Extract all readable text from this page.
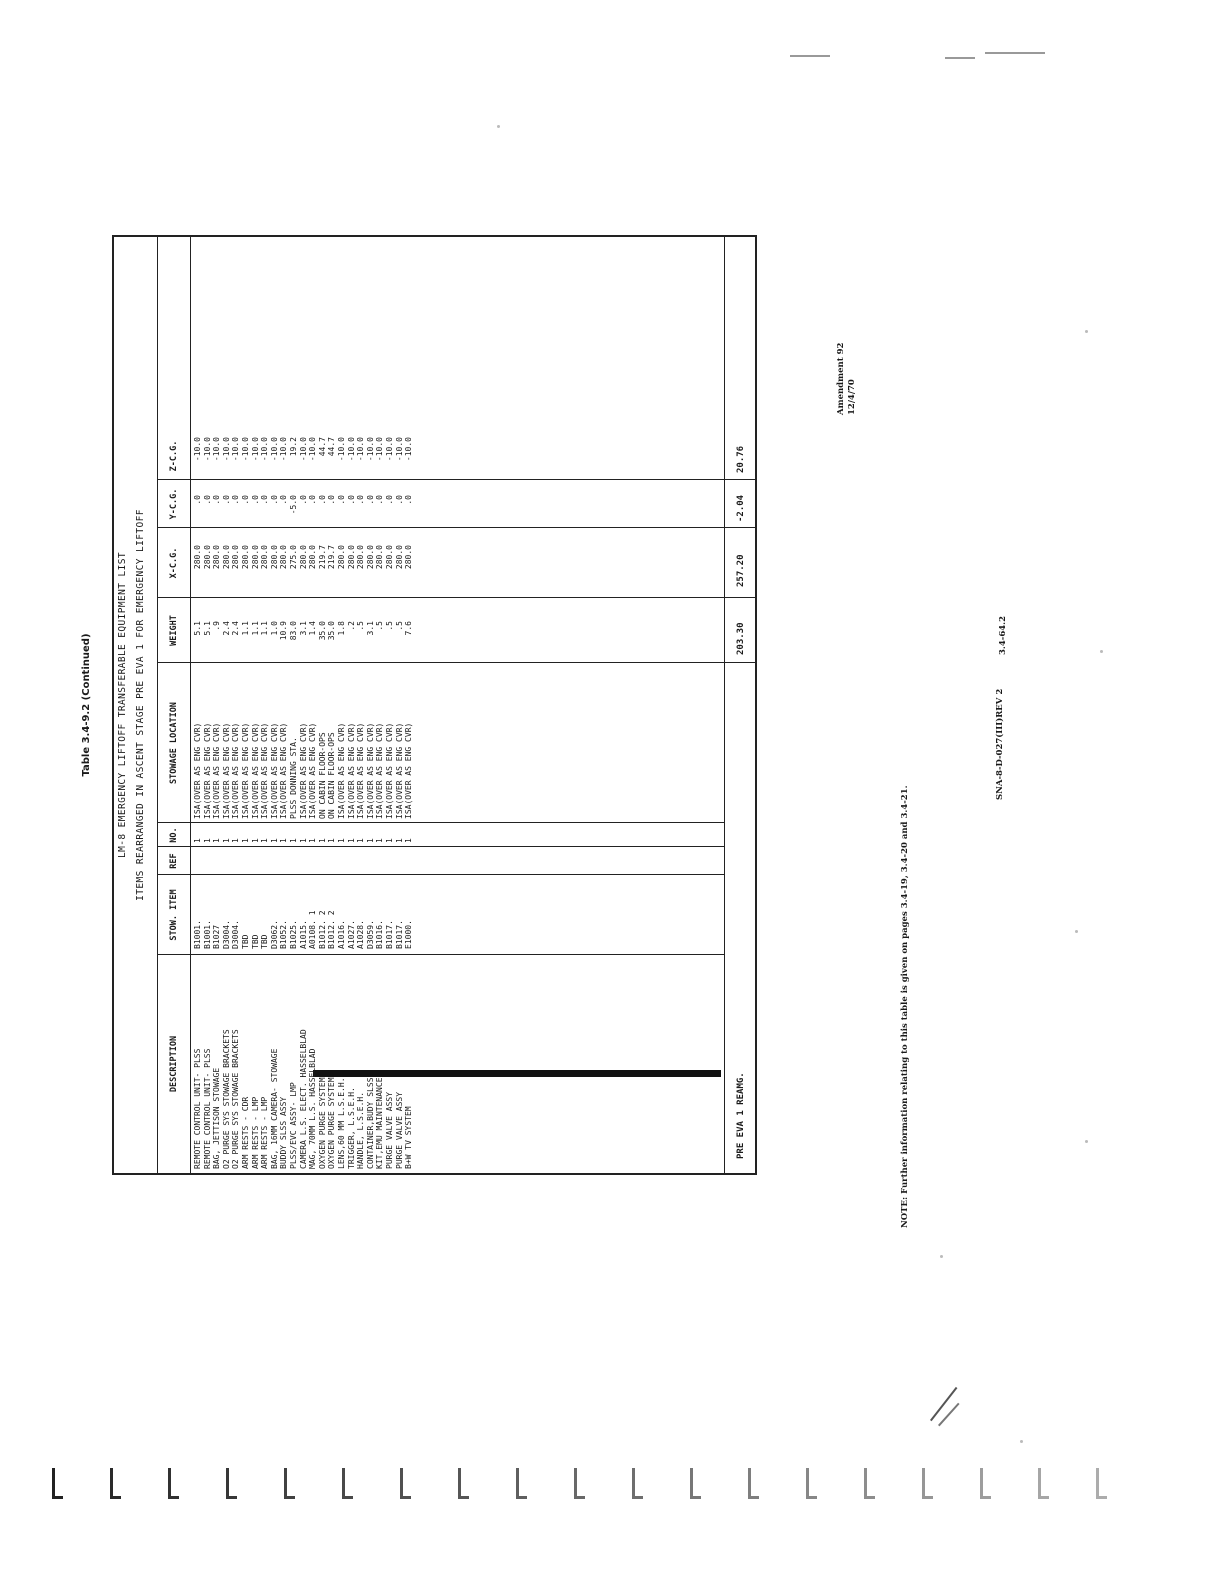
Amendment 92 12/4/70
SNA-8-D-027(III)REV 2
3.4-64.2
NOTE: Further information relating to this table is given on pages 3.4-19, 3.4-20 and 3.4-21.
Table 3.4-9.2 (Continued)	LM-8 EMERGENCY LIFTOFF TRANSFERABLE EQUIPMENT LIST ITEMS REARRANGED IN ASCENT STAGE PRE EVA 1 FOR EMERGENCY LIFTOFF
DESCRIPTION
STOW. ITEM
REF
NO.
STOWAGE LOCATION
WEIGHT
X-C.G.
Y-C.G.
Z-C.G.
REMOTE CONTROL UNIT- PLSS
B1001.
1
ISA(OVER AS ENG CVR)
5.1
280.0
.0
-10.0
REMOTE CONTROL UNIT- PLSS
B1001.
1
ISA(OVER AS ENG CVR)
5.1
280.0
.0
-10.0
BAG, JETTISON STOWAGE
B1027
1
ISA(OVER AS ENG CVR)
.9
280.0
.0
-10.0
O2 PURGE SYS STOWAGE BRACKETS
D3004.
1
ISA(OVER AS ENG CVR)
2.4
280.0
.0
-10.0
O2 PURGE SYS STOWAGE BRACKETS
D3004.
1
ISA(OVER AS ENG CVR)
2.4
280.0
.0
-10.0
ARM RESTS - CDR
TBD
1
ISA(OVER AS ENG CVR)
1.1
280.0
.0
-10.0
ARM RESTS - LMP
TBD
1
ISA(OVER AS ENG CVR)
1.1
280.0
.0
-10.0
ARM RESTS - LMP
TBD
1
ISA(OVER AS ENG CVR)
1.1
280.0
.0
-10.0
BAG, 16MM CAMERA- STOWAGE
D3062.
1
ISA(OVER AS ENG CVR)
1.0
280.0
.0
-10.0
BUDDY SLSS ASSY
B1052.
1
ISA(OVER AS ENG CVR)
10.9
280.0
.0
-10.0
PLSS/EVC ASSY- LMP
B1025.
1
PLSS DONNING STA.
83.0
275.0
-5.0
19.2
CAMERA L.S. ELECT. HASSELBLAD
A1015.
1
ISA(OVER AS ENG CVR)
3.1
280.0
.0
-10.0
MAG, 70MM L.S. HASSELBLAD
A0108. 1
1
ISA(OVER AS ENG CVR)
1.4
280.0
.0
-10.0
OXYGEN PURGE SYSTEM
B1012. 2
1
ON CABIN FLOOR-OPS
35.0
219.7
.0
44.7
OXYGEN PURGE SYSTEM
B1012. 2
1
ON CABIN FLOOR-OPS
35.0
219.7
.0
44.7
LENS,60 MM L.S.E.H.
A1016.
1
ISA(OVER AS ENG CVR)
1.8
280.0
.0
-10.0
TRIGGER, L.S.E.H.
A1027.
1
ISA(OVER AS ENG CVR)
.2
280.0
.0
-10.0
HANDLE, L.S.E.H.
A1028.
1
ISA(OVER AS ENG CVR)
.5
280.0
.0
-10.0
CONTAINER,BUDY SLSS
D3059.
1
ISA(OVER AS ENG CVR)
3.1
280.0
.0
-10.0
KIT,EMU MAINTENANCE
B1016.
1
ISA(OVER AS ENG CVR)
.5
280.0
.0
-10.0
PURGE VALVE ASSY
B1017.
1
ISA(OVER AS ENG CVR)
.5
280.0
.0
-10.0
PURGE VALVE ASSY
B1017.
1
ISA(OVER AS ENG CVR)
.5
280.0
.0
-10.0
B+W TV SYSTEM
E1000.
1
ISA(OVER AS ENG CVR)
7.6
280.0
.0
-10.0
PRE EVA 1 REAMG.
203.30
257.20
-2.04
20.76
